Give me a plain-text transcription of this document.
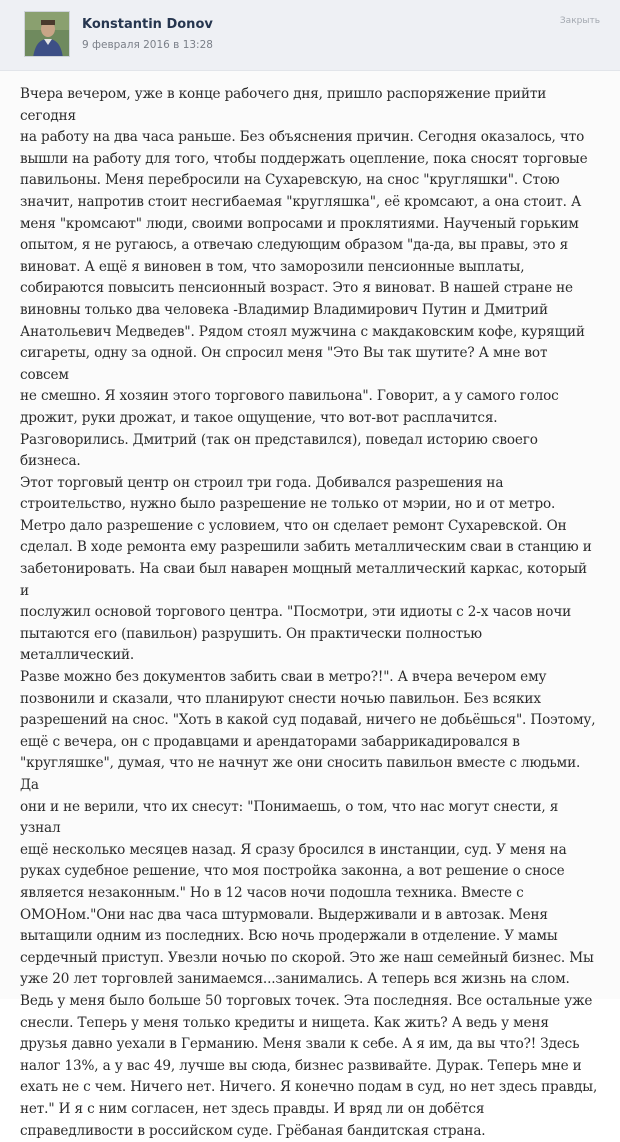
Konstantin Donov
9 февраля 2016 в 13:28
Закрыть

Вчера вечером, уже в конце рабочего дня, пришло распоряжение прийти сегодня
на работу на два часа раньше. Без объяснения причин. Сегодня оказалось, что
вышли на работу для того, чтобы поддержать оцепление, пока сносят торговые
павильоны. Меня перебросили на Сухаревскую, на снос "кругляшки". Стою
значит, напротив стоит несгибаемая "кругляшка", её кромсают, а она стоит. А
меня "кромсают" люди, своими вопросами и проклятиями. Наученый горьким
опытом, я не ругаюсь, а отвечаю следующим образом "да-да, вы правы, это я
виноват. А ещё я виновен в том, что заморозили пенсионные выплаты,
собираются повысить пенсионный возраст. Это я виноват. В нашей стране не
виновны только два человека -Владимир Владимирович Путин и Дмитрий
Анатольевич Медведев". Рядом стоял мужчина с макдаковским кофе, курящий
сигареты, одну за одной. Он спросил меня "Это Вы так шутите? А мне вот совсем
не смешно. Я хозяин этого торгового павильона". Говорит, а у самого голос
дрожит, руки дрожат, и такое ощущение, что вот-вот расплачится.
Разговорились. Дмитрий (так он представился), поведал историю своего бизнеса.
Этот торговый центр он строил три года. Добивался разрешения на
строительство, нужно было разрешение не только от мэрии, но и от метро.
Метро дало разрешение с условием, что он сделает ремонт Сухаревской. Он
сделал. В ходе ремонта ему разрешили забить металлическим сваи в станцию и
забетонировать. На сваи был наварен мощный металлический каркас, который и
послужил основой торгового центра. "Посмотри, эти идиоты с 2-х часов ночи
пытаются его (павильон) разрушить. Он практически полностью металлический.
Разве можно без документов забить сваи в метро?!". А вчера вечером ему
позвонили и сказали, что планируют снести ночью павильон. Без всяких
разрешений на снос. "Хоть в какой суд подавай, ничего не добьёшься". Поэтому,
ещё с вечера, он с продавцами и арендаторами забаррикадировался в
"кругляшке", думая, что не начнут же они сносить павильон вместе с людьми. Да
они и не верили, что их снесут: "Понимаешь, о том, что нас могут снести, я узнал
ещё несколько месяцев назад. Я сразу бросился в инстанции, суд. У меня на
руках судебное решение, что моя постройка законна, а вот решение о сносе
является незаконным." Но в 12 часов ночи подошла техника. Вместе с
ОМОНом."Они нас два часа штурмовали. Выдерживали и в автозак. Меня
вытащили одним из последних. Всю ночь продержали в отделение. У мамы
сердечный приступ. Увезли ночью по скорой. Это же наш семейный бизнес. Мы
уже 20 лет торговлей занимаемся...занимались. А теперь вся жизнь на слом.
Ведь у меня было больше 50 торговых точек. Эта последняя. Все остальные уже
снесли. Теперь у меня только кредиты и нищета. Как жить? А ведь у меня
друзья давно уехали в Германию. Меня звали к себе. А я им, да вы что?! Здесь
налог 13%, а у вас 49, лучше вы сюда, бизнес развивайте. Дурак. Теперь мне и
ехать не с чем. Ничего нет. Ничего. Я конечно подам в суд, но нет здесь правды,
нет." И я с ним согласен, нет здесь правды. И вряд ли он добётся
справедливости в российском суде. Грёбаная бандитская страна.
